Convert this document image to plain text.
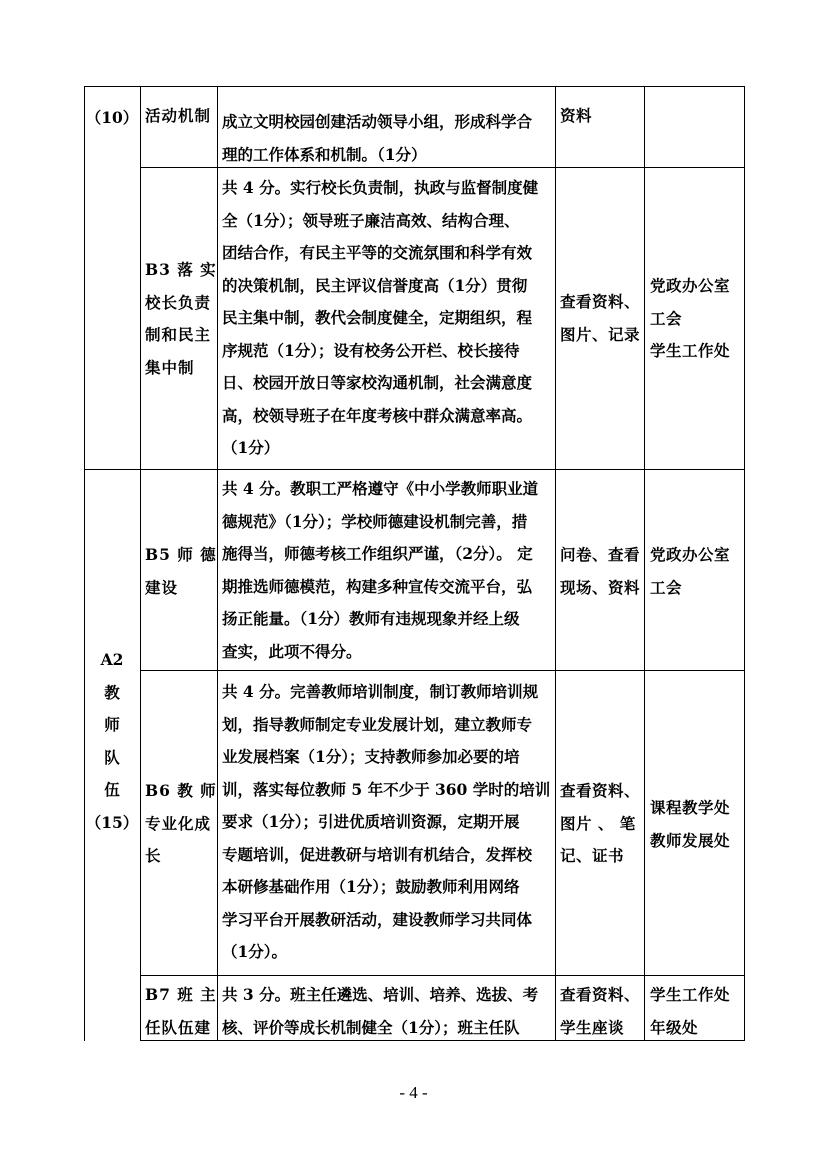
（10）
A2
教
师
队
伍
（15）
活动机制 成立文明校园创建活动领导小组，形成科学合
理的工作体系和机制。（1分）
资料
B3 落 实
校长负责
制和民主
集中制
共 4 分。实行校长负责制，执政与监督制度健
全（1分）；领导班子廉洁高效、结构合理、
团结合作，有民主平等的交流氛围和科学有效
的决策机制，民主评议信誉度高（1分）贯彻
民主集中制，教代会制度健全，定期组织，程
序规范（1分）；设有校务公开栏、校长接待
日、校园开放日等家校沟通机制，社会满意度
高，校领导班子在年度考核中群众满意率高。
（1分）
查看资料、
图片、记录
党政办公室
工会
学生工作处
B5 师 德
建设
共 4 分。教职工严格遵守《中小学教师职业道
德规范》（1分）；学校师德建设机制完善，措
施得当，师德考核工作组织严谨，（2分）。 定
期推选师德模范，构建多种宣传交流平台，弘
扬正能量。（1分）教师有违规现象并经上级
查实，此项不得分。
问卷、查看
现场、资料
党政办公室
工会
B6 教 师
专业化成
长
共 4 分。完善教师培训制度，制订教师培训规
划，指导教师制定专业发展计划，建立教师专
业发展档案（1分）；支持教师参加必要的培
训，落实每位教师 5 年不少于 360 学时的培训
要求（1分）；引进优质培训资源，定期开展
专题培训，促进教研与培训有机结合，发挥校
本研修基础作用（1分）；鼓励教师利用网络
学习平台开展教研活动，建设教师学习共同体
（1分）。
查看资料、
图片 、 笔
记、证书
课程教学处
教师发展处
B7 班 主
任队伍建
共 3 分。班主任遴选、培训、培养、选拔、考
核、评价等成长机制健全（1分）；班主任队
查看资料、
学生座谈
学生工作处
年级处
- 4 -
